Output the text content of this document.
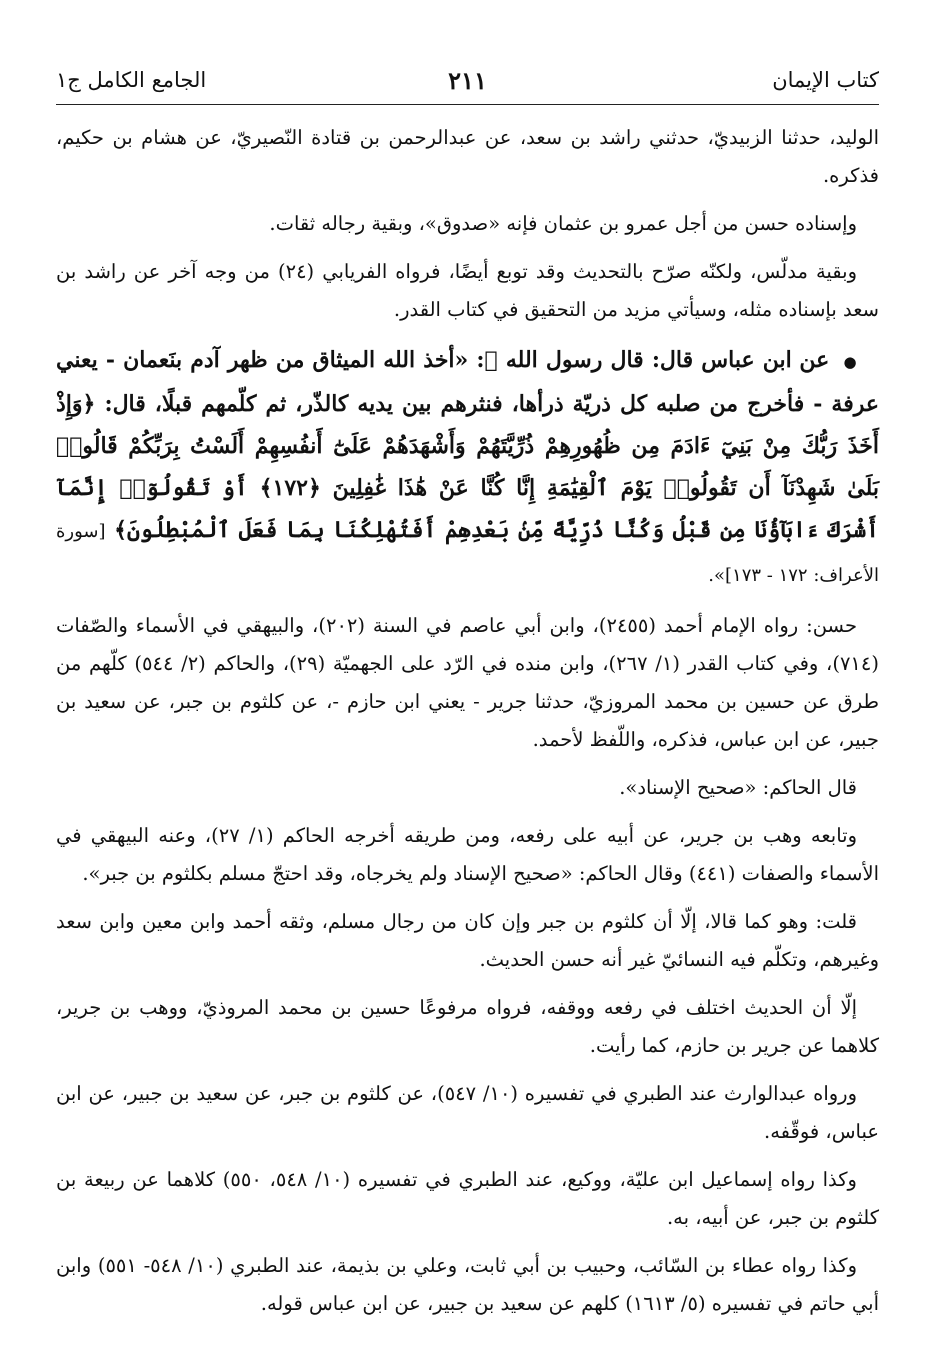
كتاب الإيمان
٢١١
الجامع الكامل ج١

الوليد، حدثنا الزبيديّ، حدثني راشد بن سعد، عن عبدالرحمن بن قتادة النّصيريّ، عن هشام بن حكيم، فذكره.

وإسناده حسن من أجل عمرو بن عثمان فإنه «صدوق»، وبقية رجاله ثقات.

وبقية مدلّس، ولكنّه صرّح بالتحديث وقد توبع أيضًا، فرواه الفريابي (٢٤) من وجه آخر عن راشد بن سعد بإسناده مثله، وسيأتي مزيد من التحقيق في كتاب القدر.

● عن ابن عباس قال: قال رسول الله ﷺ: «أخذ الله الميثاق من ظهر آدم بنَعمان - يعني عرفة - فأخرج من صلبه كل ذريّة ذرأها، فنثرهم بين يديه كالذّر، ثم كلّمهم قبلًا، قال: ﴿وَإِذْ أَخَذَ رَبُّكَ مِنْ بَنِيٓ ءَادَمَ مِن ظُهُورِهِمْ ذُرِّيَّتَهُمْ وَأَشْهَدَهُمْ عَلَىٰٓ أَنفُسِهِمْ أَلَسْتُ بِرَبِّكُمْ قَالُوا۟ بَلَىٰ شَهِدْنَآ أَن تَقُولُوا۟ يَوْمَ ٱلْقِيَٰمَةِ إِنَّا كُنَّا عَنْ هَٰذَا غَٰفِلِينَ ﴿١٧٢﴾ أَوْ تَقُولُوٓا۟ إِنَّمَآ أَشْرَكَ ءَابَآؤُنَا مِن قَبْلُ وَكُنَّا ذُرِّيَّةً مِّنۢ بَعْدِهِمْ أَفَتُهْلِكُنَا بِمَا فَعَلَ ٱلْمُبْطِلُونَ﴾ [سورة الأعراف: ١٧٢ - ١٧٣]».

حسن: رواه الإمام أحمد (٢٤٥٥)، وابن أبي عاصم في السنة (٢٠٢)، والبيهقي في الأسماء والصّفات (٧١٤)، وفي كتاب القدر (١/ ٢٦٧)، وابن منده في الرّد على الجهميّة (٢٩)، والحاكم (٢/ ٥٤٤) كلّهم من طرق عن حسين بن محمد المروزيّ، حدثنا جرير - يعني ابن حازم -، عن كلثوم بن جبر، عن سعيد بن جبير، عن ابن عباس، فذكره، واللّفظ لأحمد.

قال الحاكم: «صحيح الإسناد».

وتابعه وهب بن جرير، عن أبيه على رفعه، ومن طريقه أخرجه الحاكم (١/ ٢٧)، وعنه البيهقي في الأسماء والصفات (٤٤١) وقال الحاكم: «صحيح الإسناد ولم يخرجاه، وقد احتجّ مسلم بكلثوم بن جبر».

قلت: وهو كما قالا، إلّا أن كلثوم بن جبر وإن كان من رجال مسلم، وثقه أحمد وابن معين وابن سعد وغيرهم، وتكلّم فيه النسائيّ غير أنه حسن الحديث.

إلّا أن الحديث اختلف في رفعه ووقفه، فرواه مرفوعًا حسين بن محمد المروذيّ، ووهب بن جرير، كلاهما عن جرير بن حازم، كما رأيت.

ورواه عبدالوارث عند الطبري في تفسيره (١٠/ ٥٤٧)، عن كلثوم بن جبر، عن سعيد بن جبير، عن ابن عباس، فوقّفه.

وكذا رواه إسماعيل ابن عليّة، ووكيع، عند الطبري في تفسيره (١٠/ ٥٤٨، ٥٥٠) كلاهما عن ربيعة بن كلثوم بن جبر، عن أبيه، به.

وكذا رواه عطاء بن السّائب، وحبيب بن أبي ثابت، وعلي بن بذيمة، عند الطبري (١٠/ ٥٤٨- ٥٥١) وابن أبي حاتم في تفسيره (٥/ ١٦١٣) كلهم عن سعيد بن جبير، عن ابن عباس قوله.
